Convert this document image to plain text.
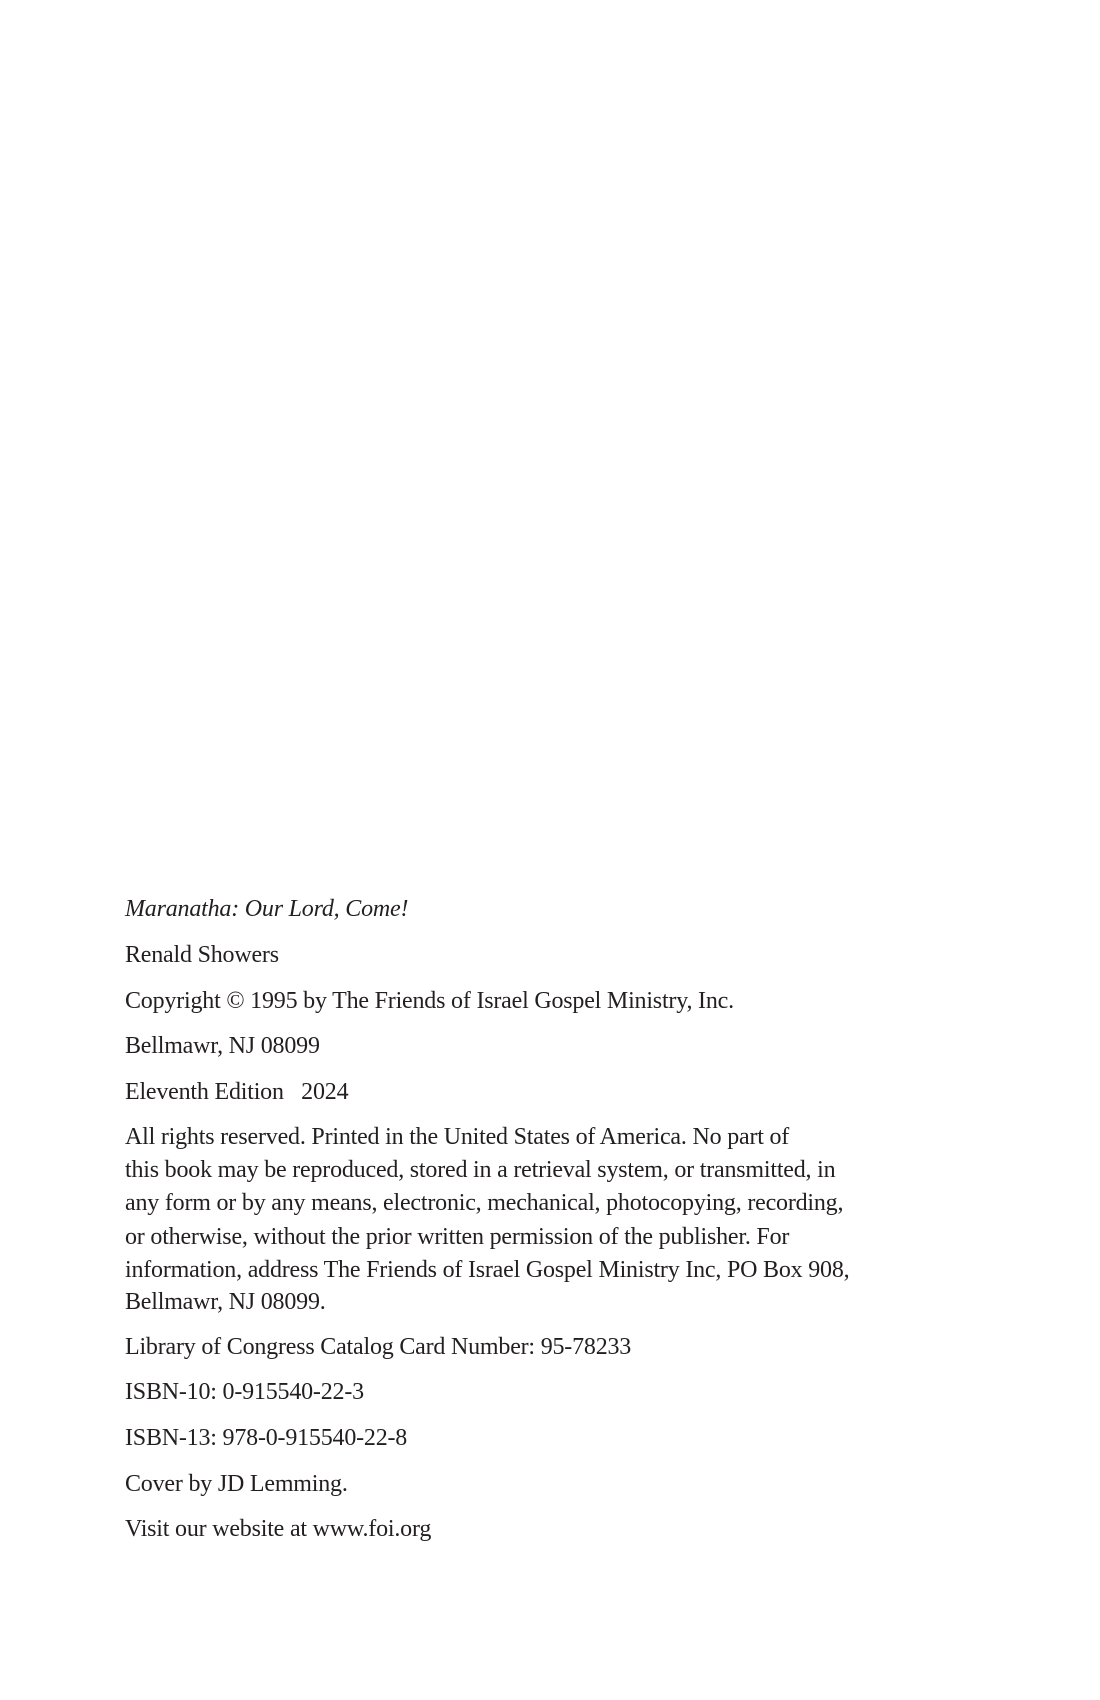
Maranatha: Our Lord, Come!
Renald Showers
Copyright © 1995 by The Friends of Israel Gospel Ministry, Inc.
Bellmawr, NJ 08099
Eleventh Edition   2024
All rights reserved. Printed in the United States of America. No part of
this book may be reproduced, stored in a retrieval system, or transmitted, in
any form or by any means, electronic, mechanical, photocopying, recording,
or otherwise, without the prior written permission of the publisher. For
information, address The Friends of Israel Gospel Ministry Inc, PO Box 908,
Bellmawr, NJ 08099.
Library of Congress Catalog Card Number: 95-78233
ISBN-10: 0-915540-22-3
ISBN-13: 978-0-915540-22-8
Cover by JD Lemming.
Visit our website at www.foi.org
